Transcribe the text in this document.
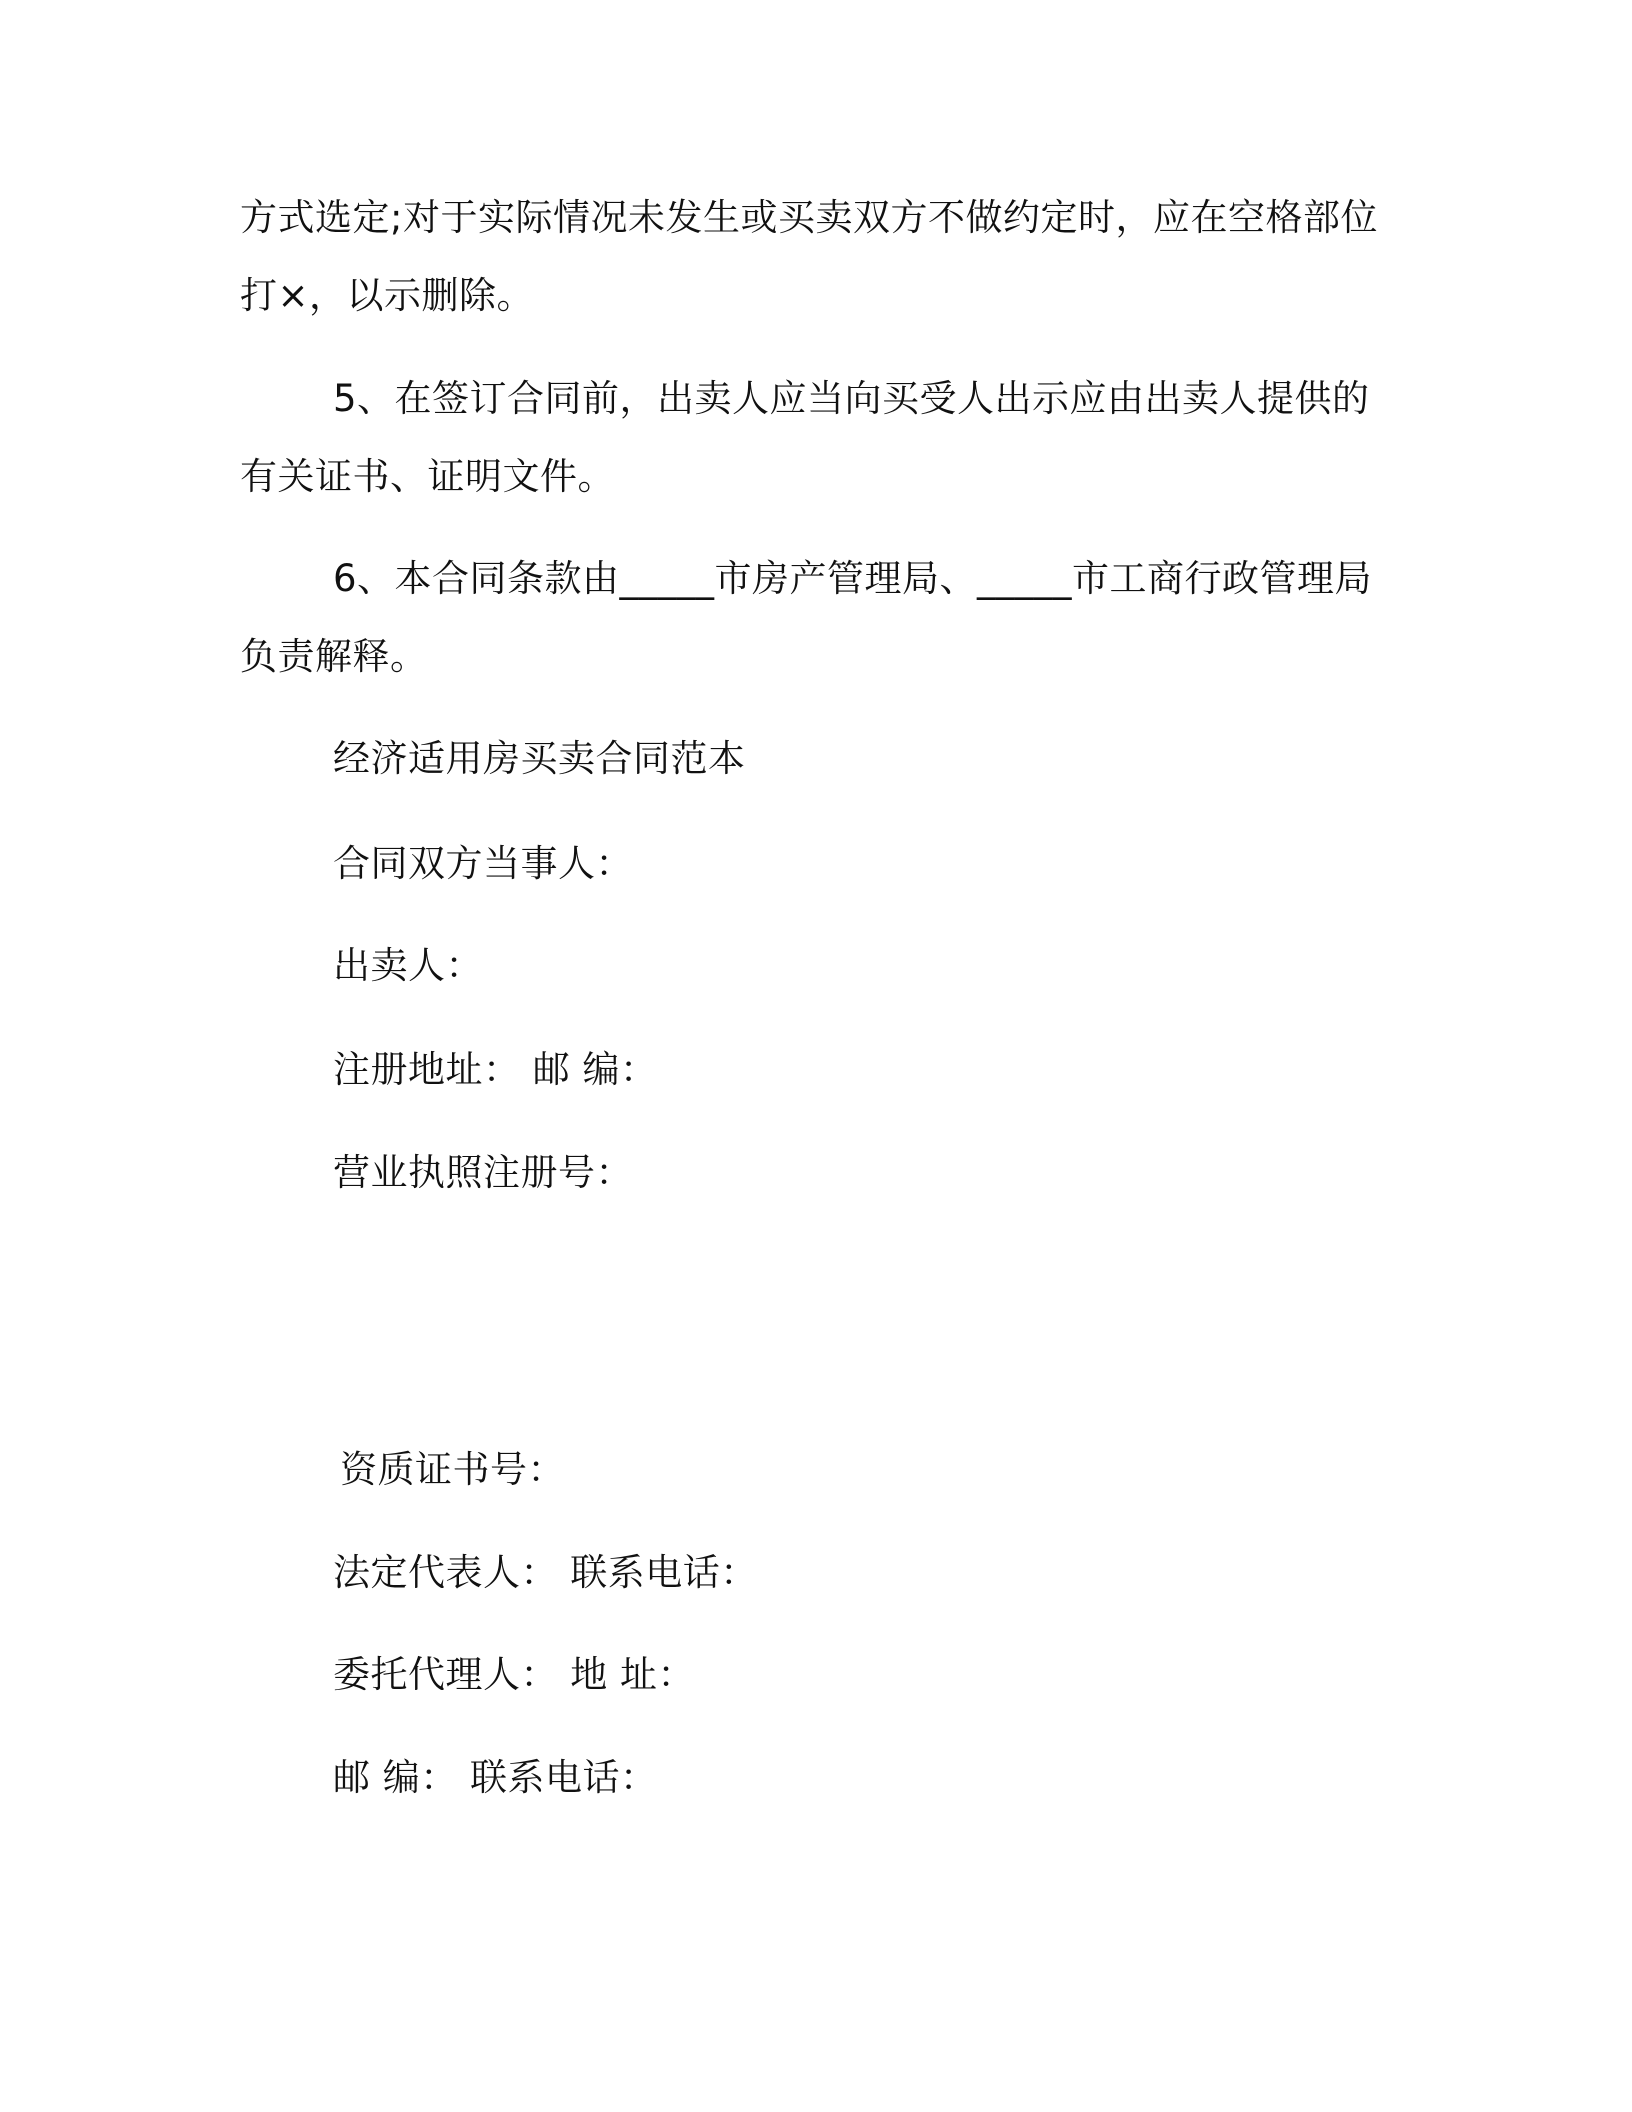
方式选定;对于实际情况未发生或买卖双方不做约定时，应在空格部位
打×，以示删除。
5、在签订合同前，出卖人应当向买受人出示应由出卖人提供的
有关证书、证明文件。
6、本合同条款由_____市房产管理局、_____市工商行政管理局
负责解释。
经济适用房买卖合同范本
合同双方当事人：
出卖人：
注册地址： 邮 编：
营业执照注册号：
资质证书号：
法定代表人： 联系电话：
委托代理人： 地 址：
邮 编： 联系电话：
